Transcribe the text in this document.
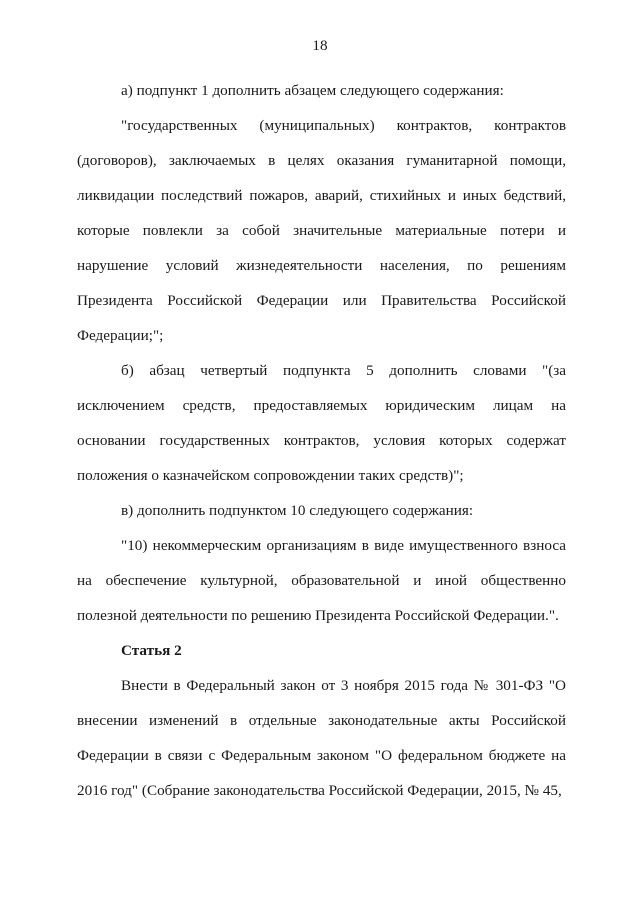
18

а) подпункт 1 дополнить абзацем следующего содержания:

"государственных (муниципальных) контрактов, контрактов (договоров), заключаемых в целях оказания гуманитарной помощи, ликвидации последствий пожаров, аварий, стихийных и иных бедствий, которые повлекли за собой значительные материальные потери и нарушение условий жизнедеятельности населения, по решениям Президента Российской Федерации или Правительства Российской Федерации;";

б) абзац четвертый подпункта 5 дополнить словами "(за исключением средств, предоставляемых юридическим лицам на основании государственных контрактов, условия которых содержат положения о казначейском сопровождении таких средств)";

в) дополнить подпунктом 10 следующего содержания:

"10) некоммерческим организациям в виде имущественного взноса на обеспечение культурной, образовательной и иной общественно полезной деятельности по решению Президента Российской Федерации.".

Статья 2

Внести в Федеральный закон от 3 ноября 2015 года № 301-ФЗ "О внесении изменений в отдельные законодательные акты Российской Федерации в связи с Федеральным законом "О федеральном бюджете на 2016 год" (Собрание законодательства Российской Федерации, 2015, № 45,
